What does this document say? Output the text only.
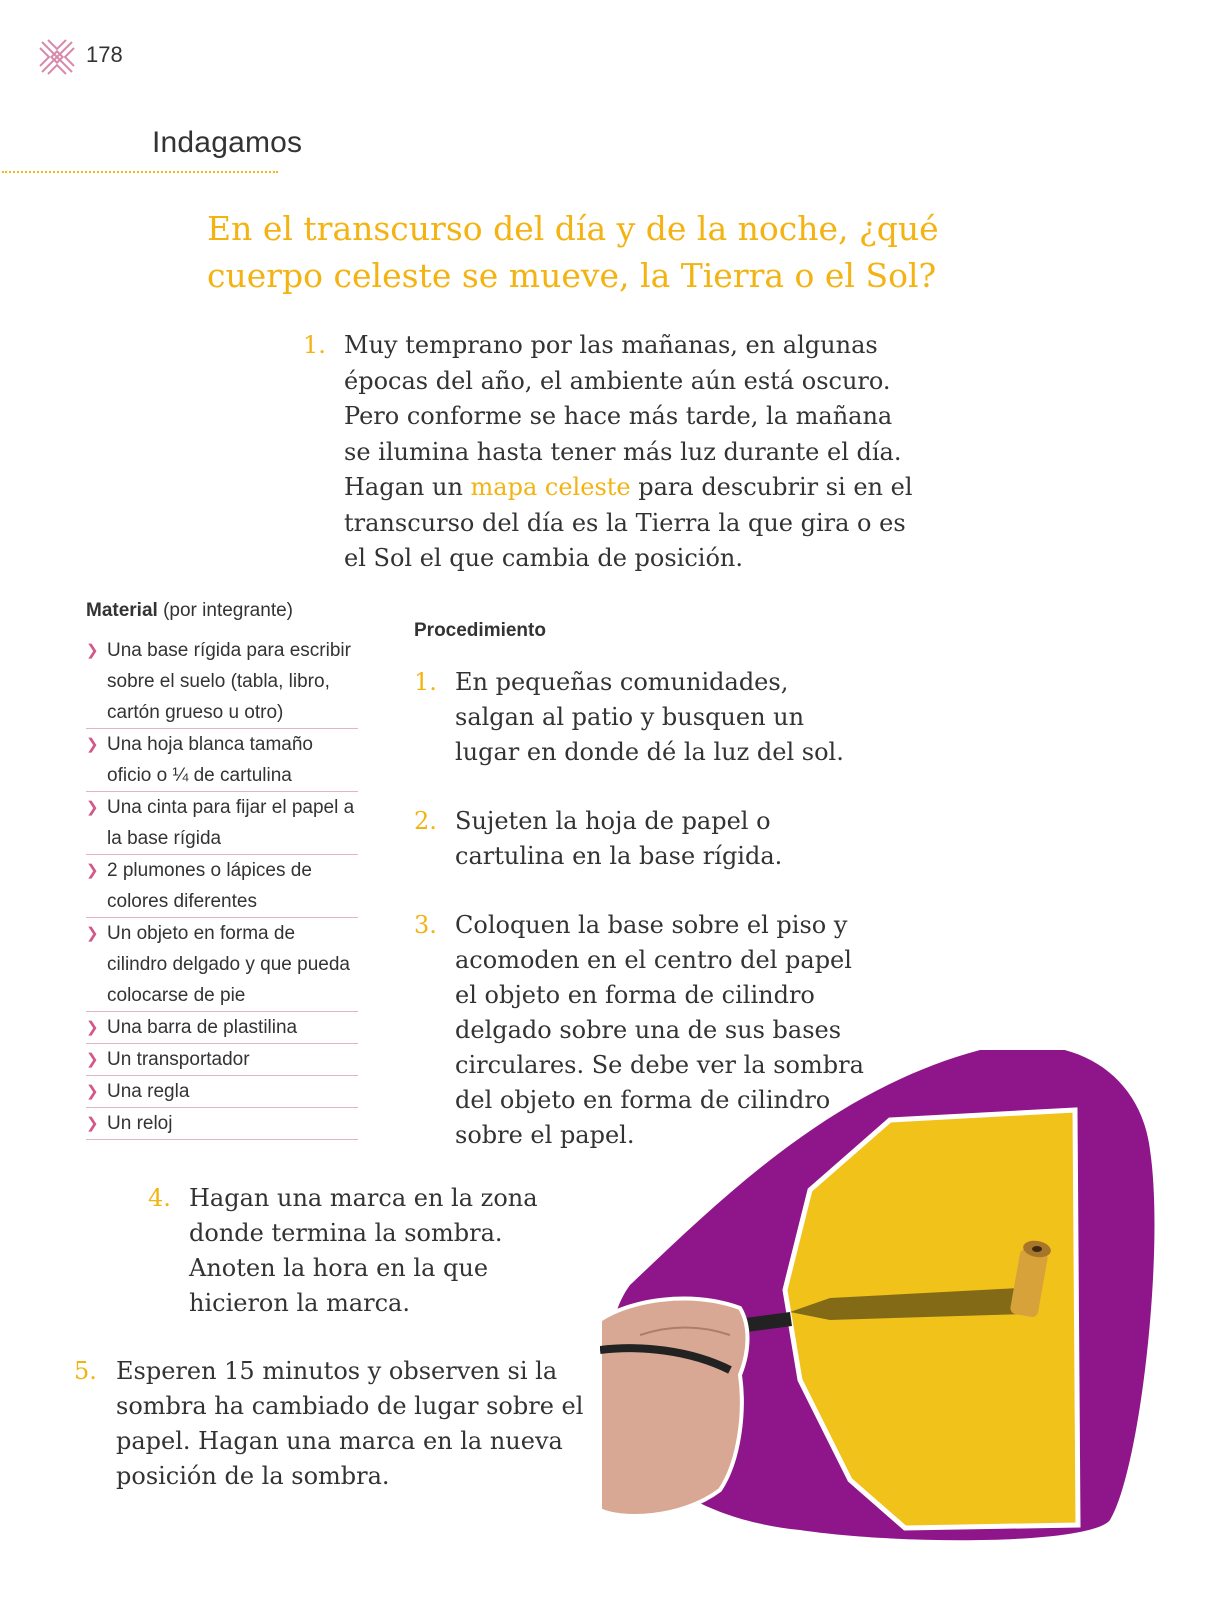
178
Indagamos
En el transcurso del día y de la noche, ¿qué cuerpo celeste se mueve, la Tierra o el Sol?
1. Muy temprano por las mañanas, en algunas épocas del año, el ambiente aún está oscuro. Pero conforme se hace más tarde, la mañana se ilumina hasta tener más luz durante el día. Hagan un mapa celeste para descubrir si en el transcurso del día es la Tierra la que gira o es el Sol el que cambia de posición.
Material (por integrante)
❯ Una base rígida para escribir sobre el suelo (tabla, libro, cartón grueso u otro)
❯ Una hoja blanca tamaño oficio o ¼ de cartulina
❯ Una cinta para fijar el papel a la base rígida
❯ 2 plumones o lápices de colores diferentes
❯ Un objeto en forma de cilindro delgado y que pueda colocarse de pie
❯ Una barra de plastilina
❯ Un transportador
❯ Una regla
❯ Un reloj
Procedimiento
1. En pequeñas comunidades, salgan al patio y busquen un lugar en donde dé la luz del sol.
2. Sujeten la hoja de papel o cartulina en la base rígida.
3. Coloquen la base sobre el piso y acomoden en el centro del papel el objeto en forma de cilindro delgado sobre una de sus bases circulares. Se debe ver la sombra del objeto en forma de cilindro sobre el papel.
4. Hagan una marca en la zona donde termina la sombra. Anoten la hora en la que hicieron la marca.
5. Esperen 15 minutos y observen si la sombra ha cambiado de lugar sobre el papel. Hagan una marca en la nueva posición de la sombra.
